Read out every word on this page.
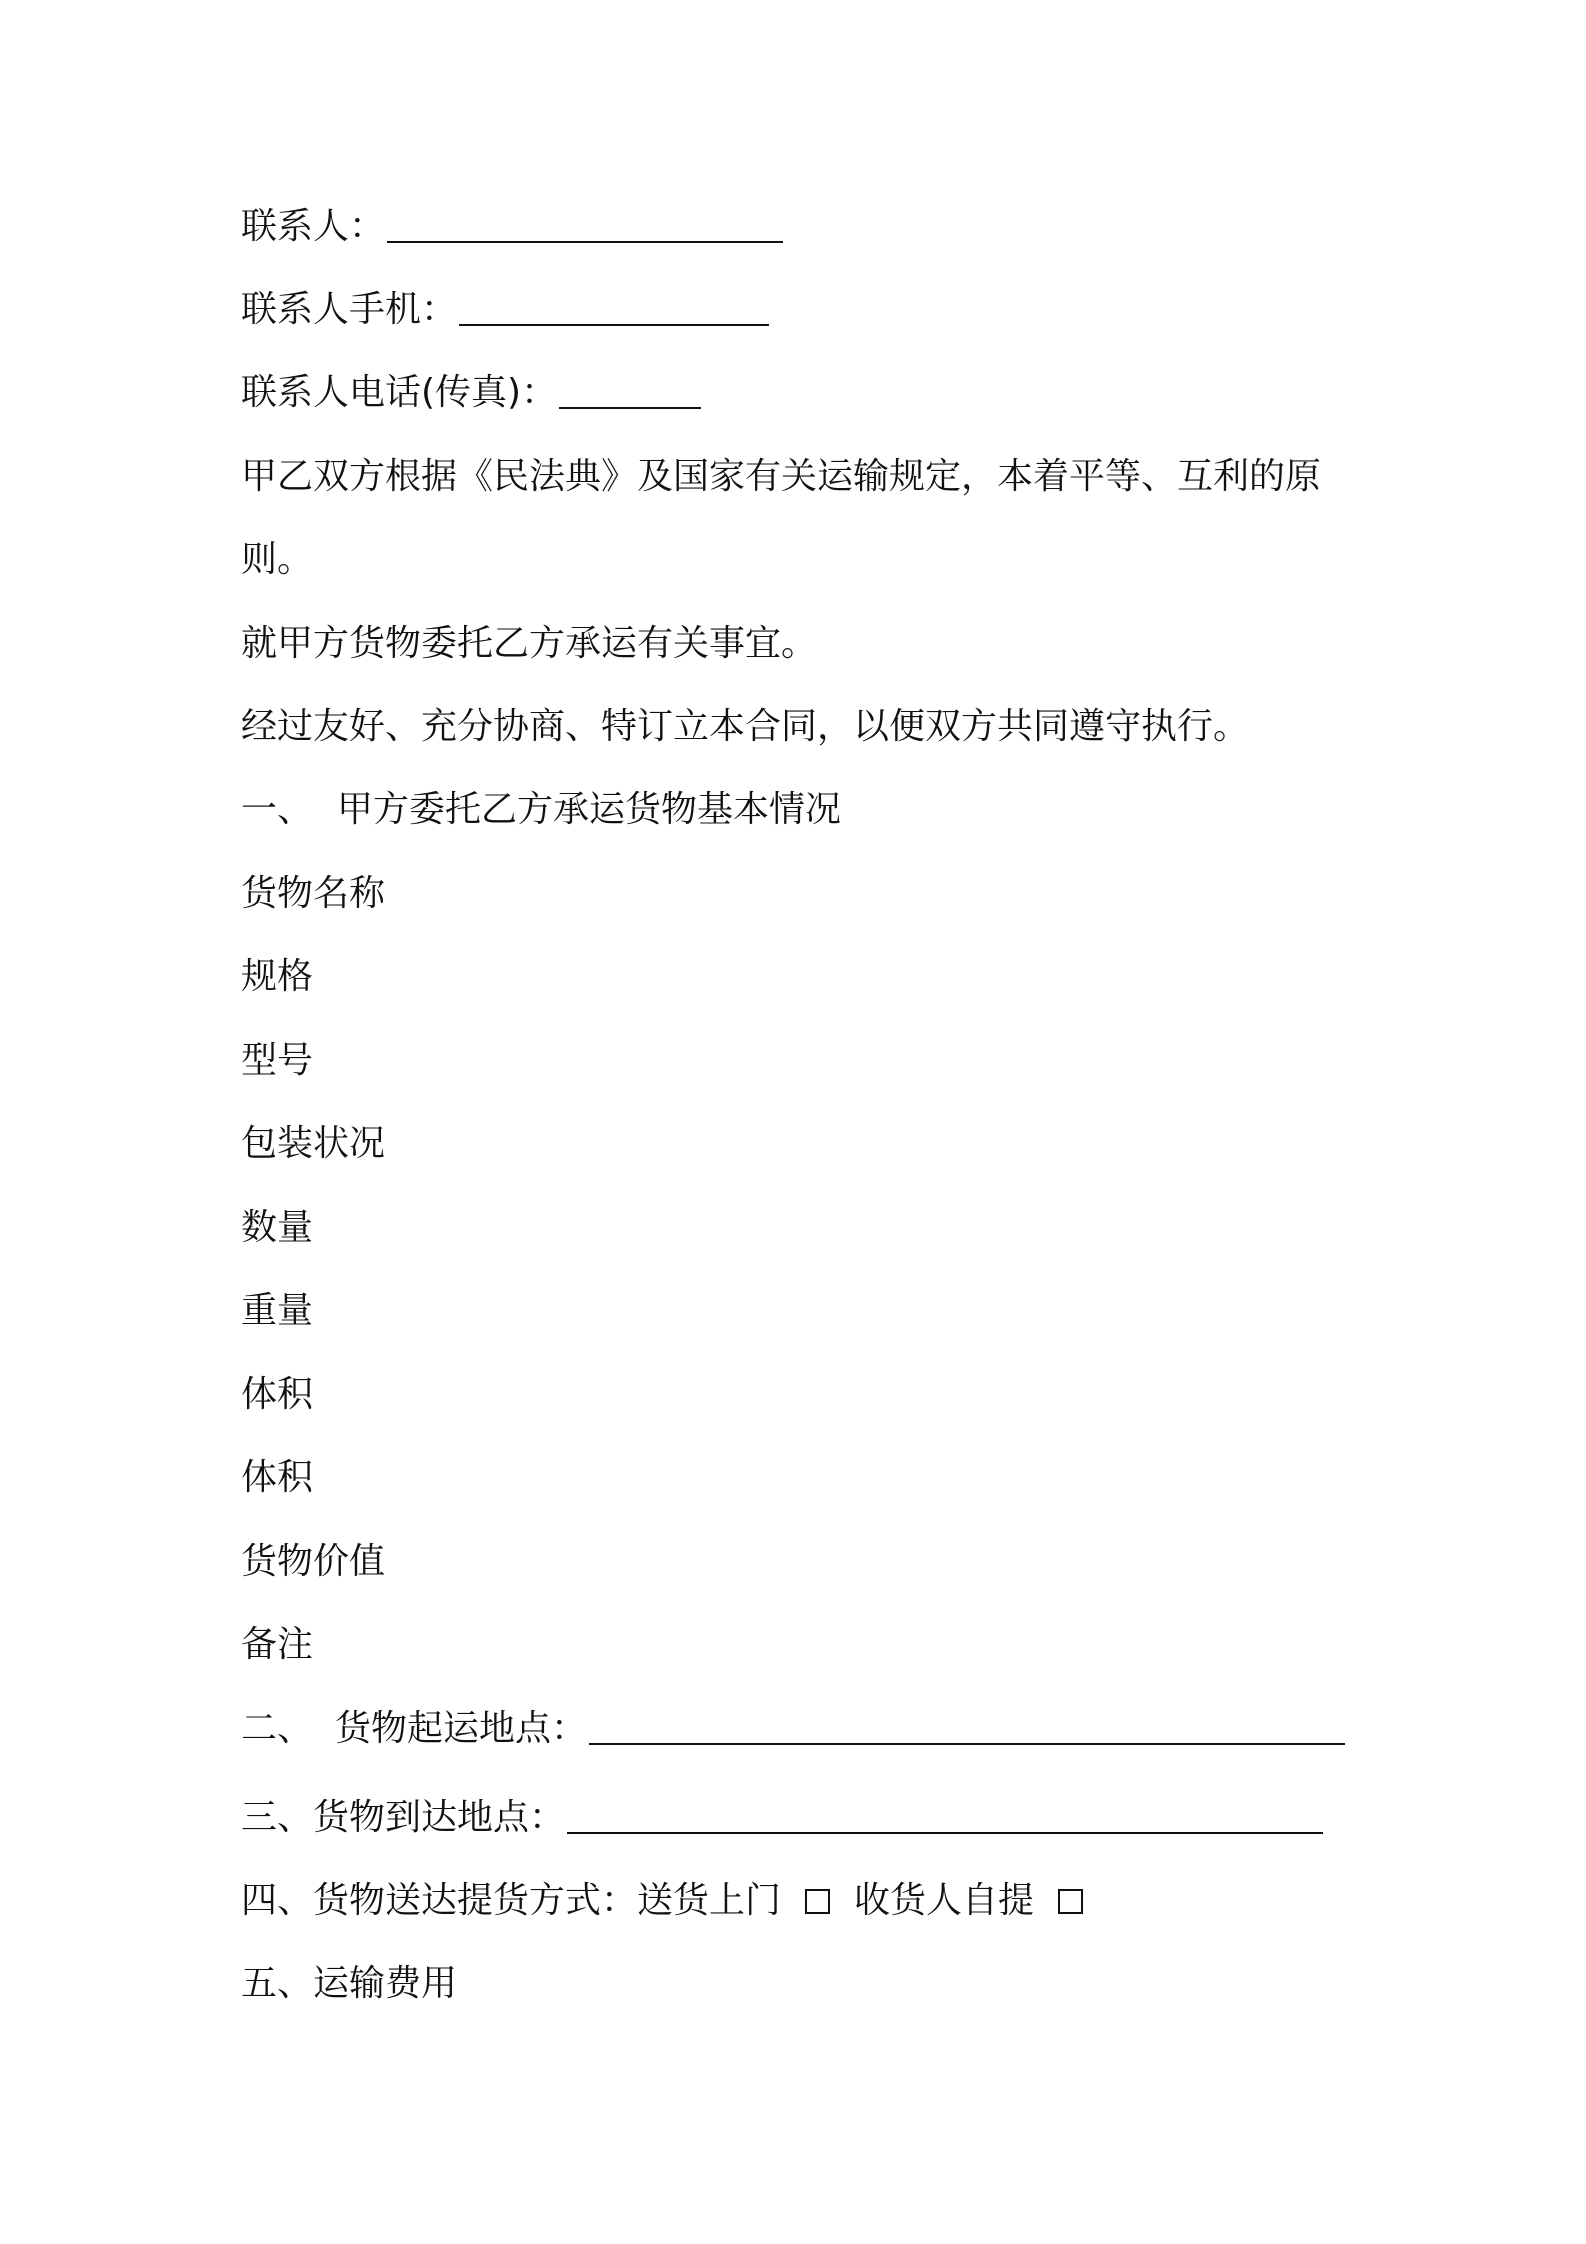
联系人：
联系人手机：
联系人电话(传真)：
甲乙双方根据《民法典》及国家有关运输规定，本着平等、互利的原
则。
就甲方货物委托乙方承运有关事宜。
经过友好、充分协商、特订立本合同，以便双方共同遵守执行。
一、 甲方委托乙方承运货物基本情况
货物名称
规格
型号
包装状况
数量
重量
体积
体积
货物价值
备注
二、 货物起运地点：
三、货物到达地点：
四、货物送达提货方式： 送货上门 收货人自提
五、运输费用
